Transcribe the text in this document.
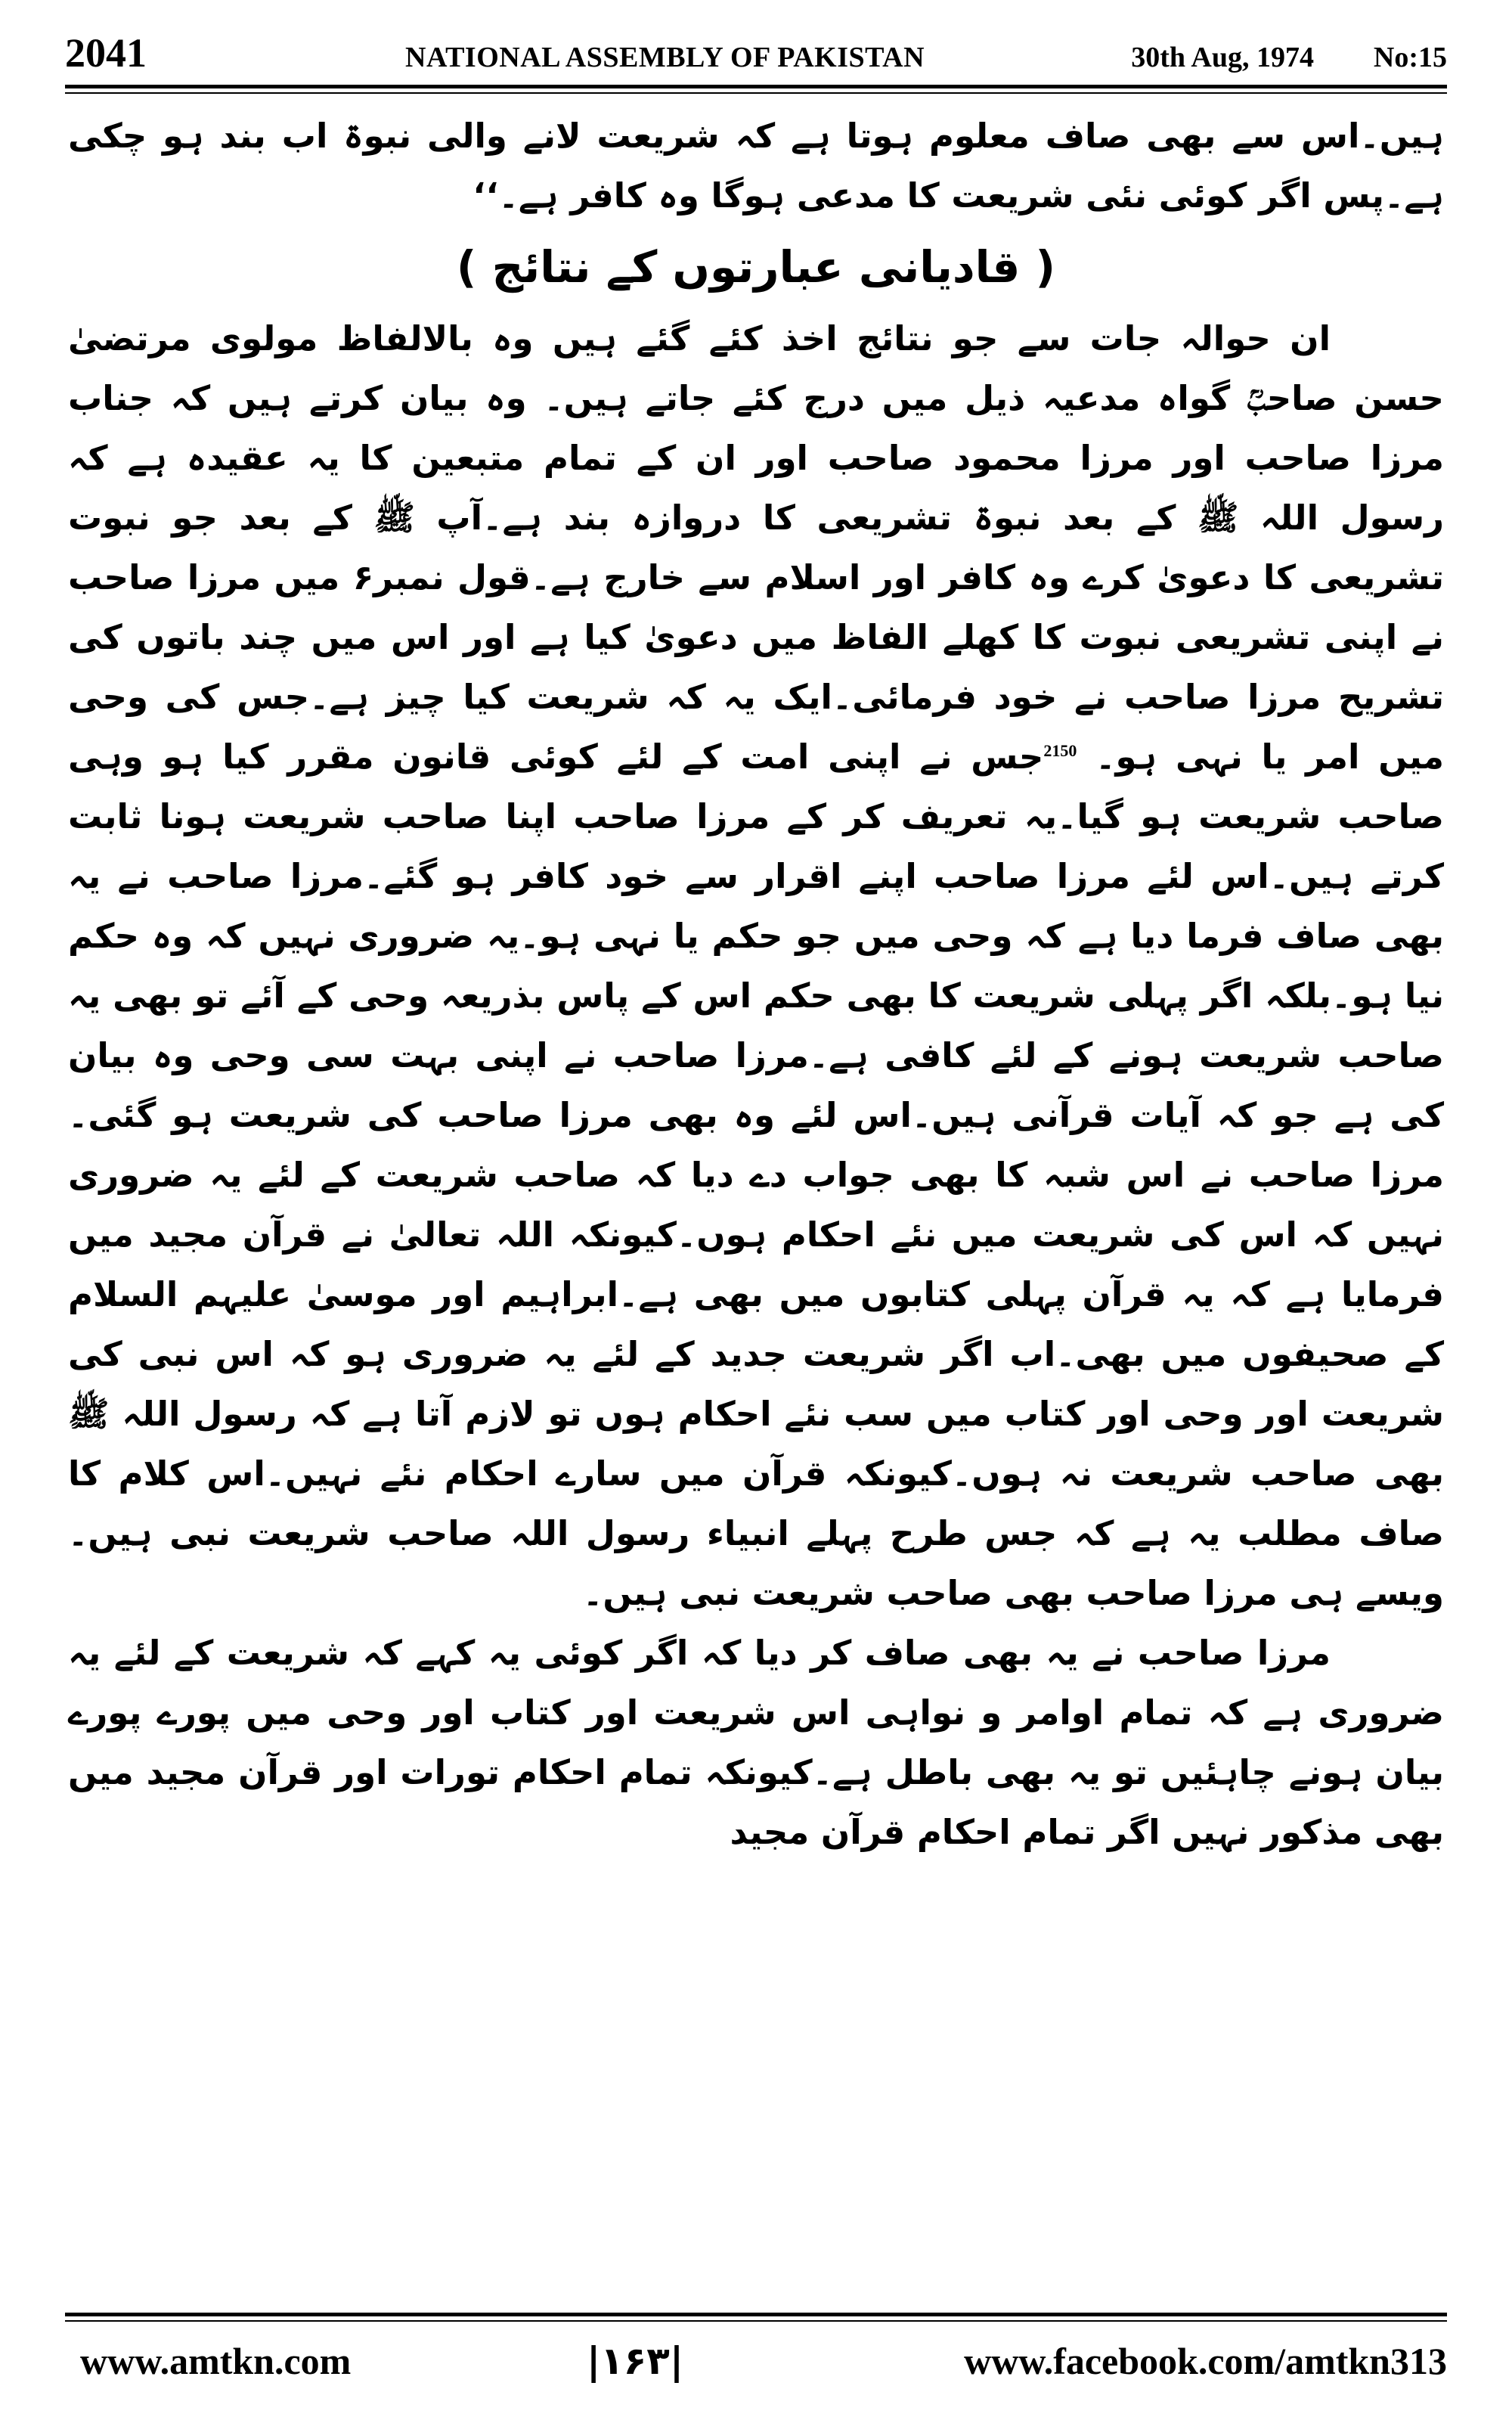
2041	NATIONAL ASSEMBLY OF PAKISTAN	30th Aug, 1974 No:15

ہیں۔اس سے بھی صاف معلوم ہوتا ہے کہ شریعت لانے والی نبوۃ اب بند ہو چکی ہے۔پس اگر کوئی نئی شریعت کا مدعی ہوگا وہ کافر ہے۔‘‘

( قادیانی عبارتوں کے نتائج )

ان حوالہ جات سے جو نتائج اخذ کئے گئے ہیں وہ بالالفاظ مولوی مرتضیٰ حسن صاحبؒ گواہ مدعیہ ذیل میں درج کئے جاتے ہیں۔ وہ بیان کرتے ہیں کہ جناب مرزا صاحب اور مرزا محمود صاحب اور ان کے تمام متبعین کا یہ عقیدہ ہے کہ رسول اللہ ﷺ کے بعد نبوۃ تشریعی کا دروازہ بند ہے۔آپ ﷺ کے بعد جو نبوت تشریعی کا دعویٰ کرے وہ کافر اور اسلام سے خارج ہے۔قول نمبر۶ میں مرزا صاحب نے اپنی تشریعی نبوت کا کھلے الفاظ میں دعویٰ کیا ہے اور اس میں چند باتوں کی تشریح مرزا صاحب نے خود فرمائی۔ایک یہ کہ شریعت کیا چیز ہے۔جس کی وحی میں امر یا نہی ہو۔ $^{2150}$جس نے اپنی امت کے لئے کوئی قانون مقرر کیا ہو وہی صاحب شریعت ہو گیا۔یہ تعریف کر کے مرزا صاحب اپنا صاحب شریعت ہونا ثابت کرتے ہیں۔اس لئے مرزا صاحب اپنے اقرار سے خود کافر ہو گئے۔مرزا صاحب نے یہ بھی صاف فرما دیا ہے کہ وحی میں جو حکم یا نہی ہو۔یہ ضروری نہیں کہ وہ حکم نیا ہو۔بلکہ اگر پہلی شریعت کا بھی حکم اس کے پاس بذریعہ وحی کے آئے تو بھی یہ صاحب شریعت ہونے کے لئے کافی ہے۔مرزا صاحب نے اپنی بہت سی وحی وہ بیان کی ہے جو کہ آیات قرآنی ہیں۔اس لئے وہ بھی مرزا صاحب کی شریعت ہو گئی۔مرزا صاحب نے اس شبہ کا بھی جواب دے دیا کہ صاحب شریعت کے لئے یہ ضروری نہیں کہ اس کی شریعت میں نئے احکام ہوں۔کیونکہ اللہ تعالیٰ نے قرآن مجید میں فرمایا ہے کہ یہ قرآن پہلی کتابوں میں بھی ہے۔ابراہیم اور موسیٰ علیہم السلام کے صحیفوں میں بھی۔اب اگر شریعت جدید کے لئے یہ ضروری ہو کہ اس نبی کی شریعت اور وحی اور کتاب میں سب نئے احکام ہوں تو لازم آتا ہے کہ رسول اللہ ﷺ بھی صاحب شریعت نہ ہوں۔کیونکہ قرآن میں سارے احکام نئے نہیں۔اس کلام کا صاف مطلب یہ ہے کہ جس طرح پہلے انبیاء رسول اللہ صاحب شریعت نبی ہیں۔ویسے ہی مرزا صاحب بھی صاحب شریعت نبی ہیں۔

مرزا صاحب نے یہ بھی صاف کر دیا کہ اگر کوئی یہ کہے کہ شریعت کے لئے یہ ضروری ہے کہ تمام اوامر و نواہی اس شریعت اور کتاب اور وحی میں پورے پورے بیان ہونے چاہئیں تو یہ بھی باطل ہے۔کیونکہ تمام احکام تورات اور قرآن مجید میں بھی مذکور نہیں اگر تمام احکام قرآن مجید

www.amtkn.com	|۱۶۳|	www.facebook.com/amtkn313
